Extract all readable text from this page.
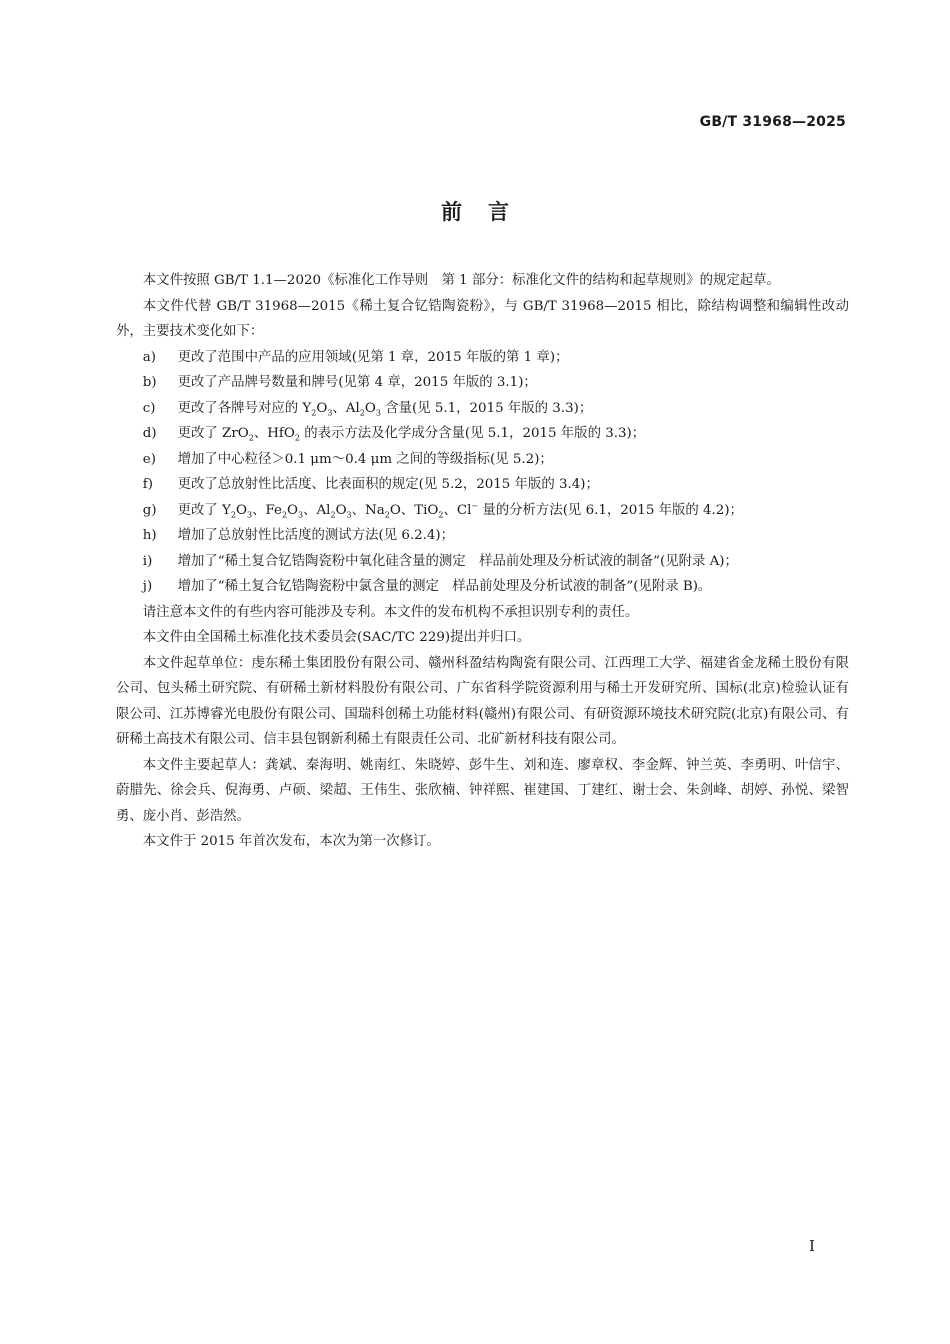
GB/T 31968—2025
前言

本文件按照 GB/T 1.1—2020《标准化工作导则　第 1 部分：标准化文件的结构和起草规则》的规定起草。

本文件代替 GB/T 31968—2015《稀土复合钇锆陶瓷粉》，与 GB/T 31968—2015 相比，除结构调整和编辑性改动外，主要技术变化如下：

a) 更改了范围中产品的应用领域(见第 1 章，2015 年版的第 1 章)；
b) 更改了产品牌号数量和牌号(见第 4 章，2015 年版的 3.1)；
c) 更改了各牌号对应的 $Y_2O_3$、$Al_2O_3$ 含量(见 5.1，2015 年版的 3.3)；
d) 更改了 ZrO$_2$、HfO$_2$ 的表示方法及化学成分含量(见 5.1，2015 年版的 3.3)；
e) 增加了中心粒径＞0.1 μm～0.4 μm 之间的等级指标(见 5.2)；
f) 更改了总放射性比活度、比表面积的规定(见 5.2，2015 年版的 3.4)；
g) 更改了 $Y_2O_3$、$Fe_2O_3$、$Al_2O_3$、$Na_2O$、TiO$_2$、Cl− 量的分析方法(见 6.1，2015 年版的 4.2)；
h) 增加了总放射性比活度的测试方法(见 6.2.4)；
i) 增加了“稀土复合钇锆陶瓷粉中氧化硅含量的测定　样品前处理及分析试液的制备”(见附录 A)；
j) 增加了“稀土复合钇锆陶瓷粉中氯含量的测定　样品前处理及分析试液的制备”(见附录 B)。

请注意本文件的有些内容可能涉及专利。本文件的发布机构不承担识别专利的责任。

本文件由全国稀土标准化技术委员会(SAC/TC 229)提出并归口。

本文件起草单位：虔东稀土集团股份有限公司、赣州科盈结构陶瓷有限公司、江西理工大学、福建省金龙稀土股份有限公司、包头稀土研究院、有研稀土新材料股份有限公司、广东省科学院资源利用与稀土开发研究所、国标(北京)检验认证有限公司、江苏博睿光电股份有限公司、国瑞科创稀土功能材料(赣州)有限公司、有研资源环境技术研究院(北京)有限公司、有研稀土高技术有限公司、信丰县包钢新利稀土有限责任公司、北矿新材科技有限公司。

本文件主要起草人：龚斌、秦海明、姚南红、朱晓婷、彭牛生、刘和连、廖章权、李金辉、钟兰英、李勇明、叶信宇、蔚腊先、徐会兵、倪海勇、卢硕、梁超、王伟生、张欣楠、钟祥熙、崔建国、丁建红、谢士会、朱剑峰、胡婷、孙悦、梁智勇、庞小肖、彭浩然。

本文件于 2015 年首次发布，本次为第一次修订。

I
